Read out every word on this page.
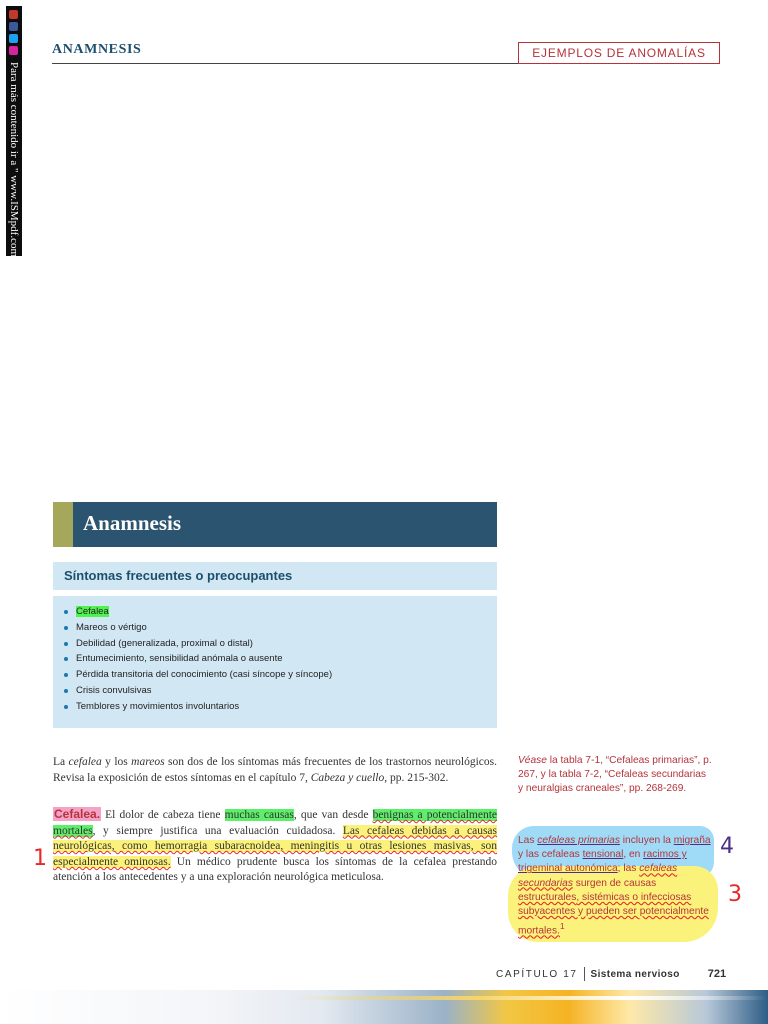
Para más contenido ir a " www.ISMpdf.com "
ANAMNESIS	EJEMPLOS DE ANOMALÍAS
Anamnesis
Síntomas frecuentes o preocupantes
Cefalea
Mareos o vértigo
Debilidad (generalizada, proximal o distal)
Entumecimiento, sensibilidad anómala o ausente
Pérdida transitoria del conocimiento (casi síncope y síncope)
Crisis convulsivas
Temblores y movimientos involuntarios

La cefalea y los mareos son dos de los síntomas más frecuentes de los trastornos neurológicos. Revisa la exposición de estos síntomas en el capítulo 7, Cabeza y cuello, pp. 215-302.

Cefalea. El dolor de cabeza tiene muchas causas, que van desde benignas a potencialmente mortales, y siempre justifica una evaluación cuidadosa. Las cefaleas debidas a causas neurológicas, como hemorragia subaracnoidea, meningitis u otras lesiones masivas, son especialmente ominosas. Un médico prudente busca los síntomas de la cefalea prestando atención a los antecedentes y a una exploración neurológica meticulosa.

Véase la tabla 7-1, “Cefaleas primarias”, p. 267, y la tabla 7-2, “Cefaleas secundarias y neuralgias craneales”, pp. 268-269.

Las cefaleas primarias incluyen la migraña y las cefaleas tensional, en racimos y trigeminal autonómica; las cefaleas secundarias surgen de causas estructurales, sistémicas o infecciosas subyacentes y pueden ser potencialmente mortales.$^1$

1	4
3
CAPÍTULO 17 Sistema nervioso	721
